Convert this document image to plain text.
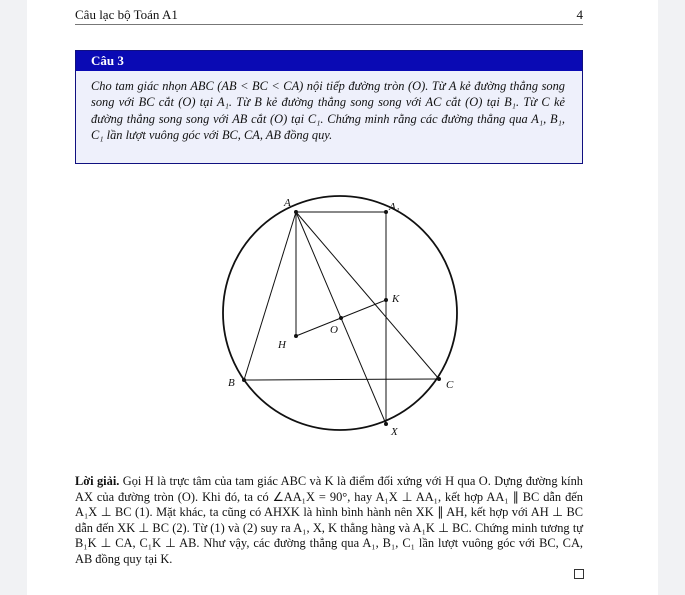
Câu lạc bộ Toán A1	4
Câu 3
Cho tam giác nhọn ABC (AB < BC < CA) nội tiếp đường tròn (O). Từ A kẻ đường thẳng song song với BC cắt (O) tại A₁. Từ B kẻ đường thẳng song song với AC cắt (O) tại B₁. Từ C kẻ đường thẳng song song với AB cắt (O) tại C₁. Chứng minh rằng các đường thẳng qua A₁, B₁, C₁ lần lượt vuông góc với BC, CA, AB đồng quy.
A	A₁
B	C
H
O
K
X
Lời giải. Gọi H là trực tâm của tam giác ABC và K là điểm đối xứng với H qua O. Dựng đường kính AX của đường tròn (O). Khi đó, ta có ∠AA₁X = 90°, hay A₁X ⊥ AA₁, kết hợp AA₁ ∥ BC dẫn đến A₁X ⊥ BC (1). Mặt khác, ta cũng có AHXK là hình bình hành nên XK ∥ AH, kết hợp với AH ⊥ BC dẫn đến XK ⊥ BC (2). Từ (1) và (2) suy ra A₁, X, K thẳng hàng và A₁K ⊥ BC. Chứng minh tương tự B₁K ⊥ CA, C₁K ⊥ AB. Như vậy, các đường thẳng qua A₁, B₁, C₁ lần lượt vuông góc với BC, CA, AB đồng quy tại K.
